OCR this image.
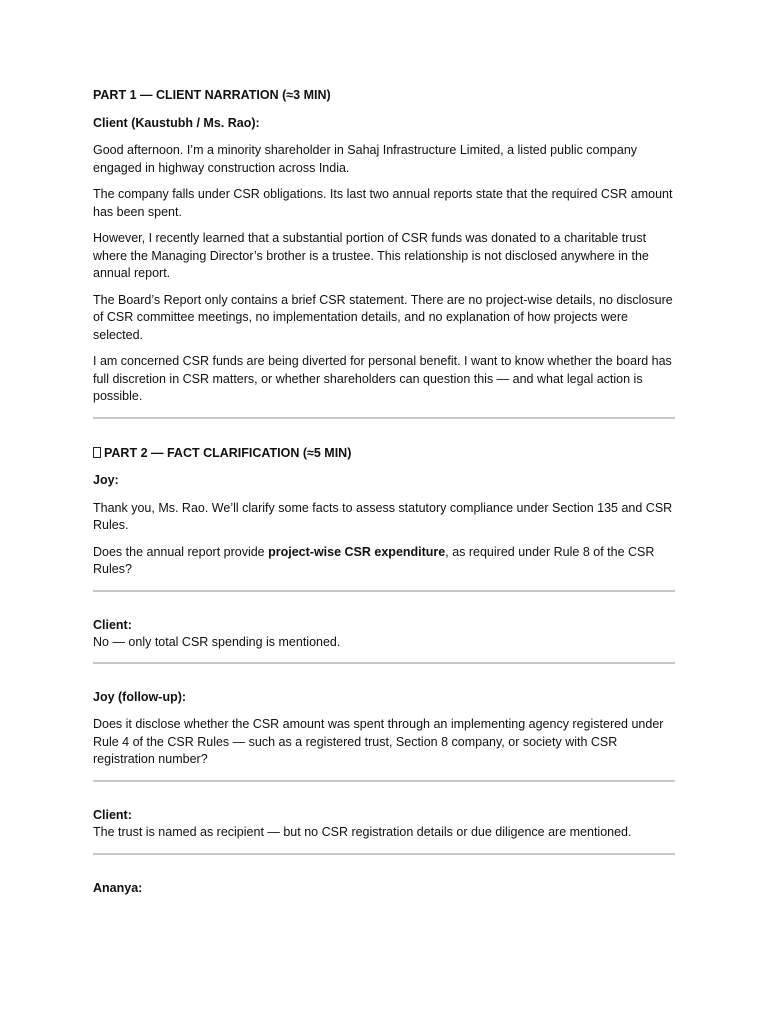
PART 1 — CLIENT NARRATION (≈3 MIN)

Client (Kaustubh / Ms. Rao):

Good afternoon. I’m a minority shareholder in Sahaj Infrastructure Limited, a listed public company engaged in highway construction across India.

The company falls under CSR obligations. Its last two annual reports state that the required CSR amount has been spent.

However, I recently learned that a substantial portion of CSR funds was donated to a charitable trust where the Managing Director’s brother is a trustee. This relationship is not disclosed anywhere in the annual report.

The Board’s Report only contains a brief CSR statement. There are no project-wise details, no disclosure of CSR committee meetings, no implementation details, and no explanation of how projects were selected.

I am concerned CSR funds are being diverted for personal benefit. I want to know whether the board has full discretion in CSR matters, or whether shareholders can question this — and what legal action is possible.

PART 2 — FACT CLARIFICATION (≈5 MIN)

Joy:

Thank you, Ms. Rao. We’ll clarify some facts to assess statutory compliance under Section 135 and CSR Rules.

Does the annual report provide project-wise CSR expenditure, as required under Rule 8 of the CSR Rules?

Client:

No — only total CSR spending is mentioned.

Joy (follow-up):

Does it disclose whether the CSR amount was spent through an implementing agency registered under Rule 4 of the CSR Rules — such as a registered trust, Section 8 company, or society with CSR registration number?

Client:

The trust is named as recipient — but no CSR registration details or due diligence are mentioned.

Ananya:
